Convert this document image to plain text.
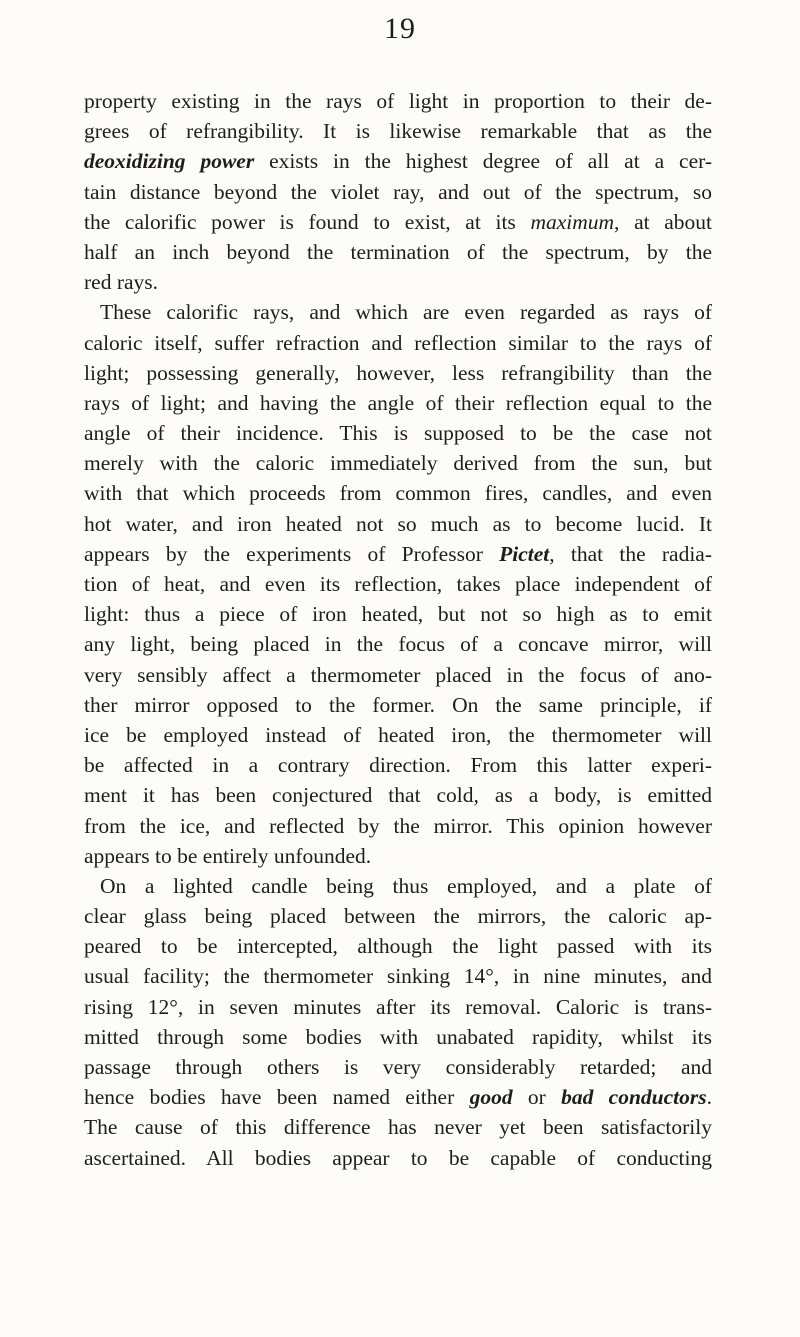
19
property existing in the rays of light in proportion to their de-
grees of refrangibility. It is likewise remarkable that as the
deoxidizing power exists in the highest degree of all at a cer-
tain distance beyond the violet ray, and out of the spectrum, so
the calorific power is found to exist, at its maximum, at about
half an inch beyond the termination of the spectrum, by the
red rays.
These calorific rays, and which are even regarded as rays of
caloric itself, suffer refraction and reflection similar to the rays of
light; possessing generally, however, less refrangibility than the
rays of light; and having the angle of their reflection equal to the
angle of their incidence. This is supposed to be the case not
merely with the caloric immediately derived from the sun, but
with that which proceeds from common fires, candles, and even
hot water, and iron heated not so much as to become lucid. It
appears by the experiments of Professor Pictet, that the radia-
tion of heat, and even its reflection, takes place independent of
light: thus a piece of iron heated, but not so high as to emit
any light, being placed in the focus of a concave mirror, will
very sensibly affect a thermometer placed in the focus of ano-
ther mirror opposed to the former. On the same principle, if
ice be employed instead of heated iron, the thermometer will
be affected in a contrary direction. From this latter experi-
ment it has been conjectured that cold, as a body, is emitted
from the ice, and reflected by the mirror. This opinion however
appears to be entirely unfounded.
On a lighted candle being thus employed, and a plate of
clear glass being placed between the mirrors, the caloric ap-
peared to be intercepted, although the light passed with its
usual facility; the thermometer sinking 14°, in nine minutes, and
rising 12°, in seven minutes after its removal. Caloric is trans-
mitted through some bodies with unabated rapidity, whilst its
passage through others is very considerably retarded; and
hence bodies have been named either good or bad conductors.
The cause of this difference has never yet been satisfactorily
ascertained. All bodies appear to be capable of conducting
